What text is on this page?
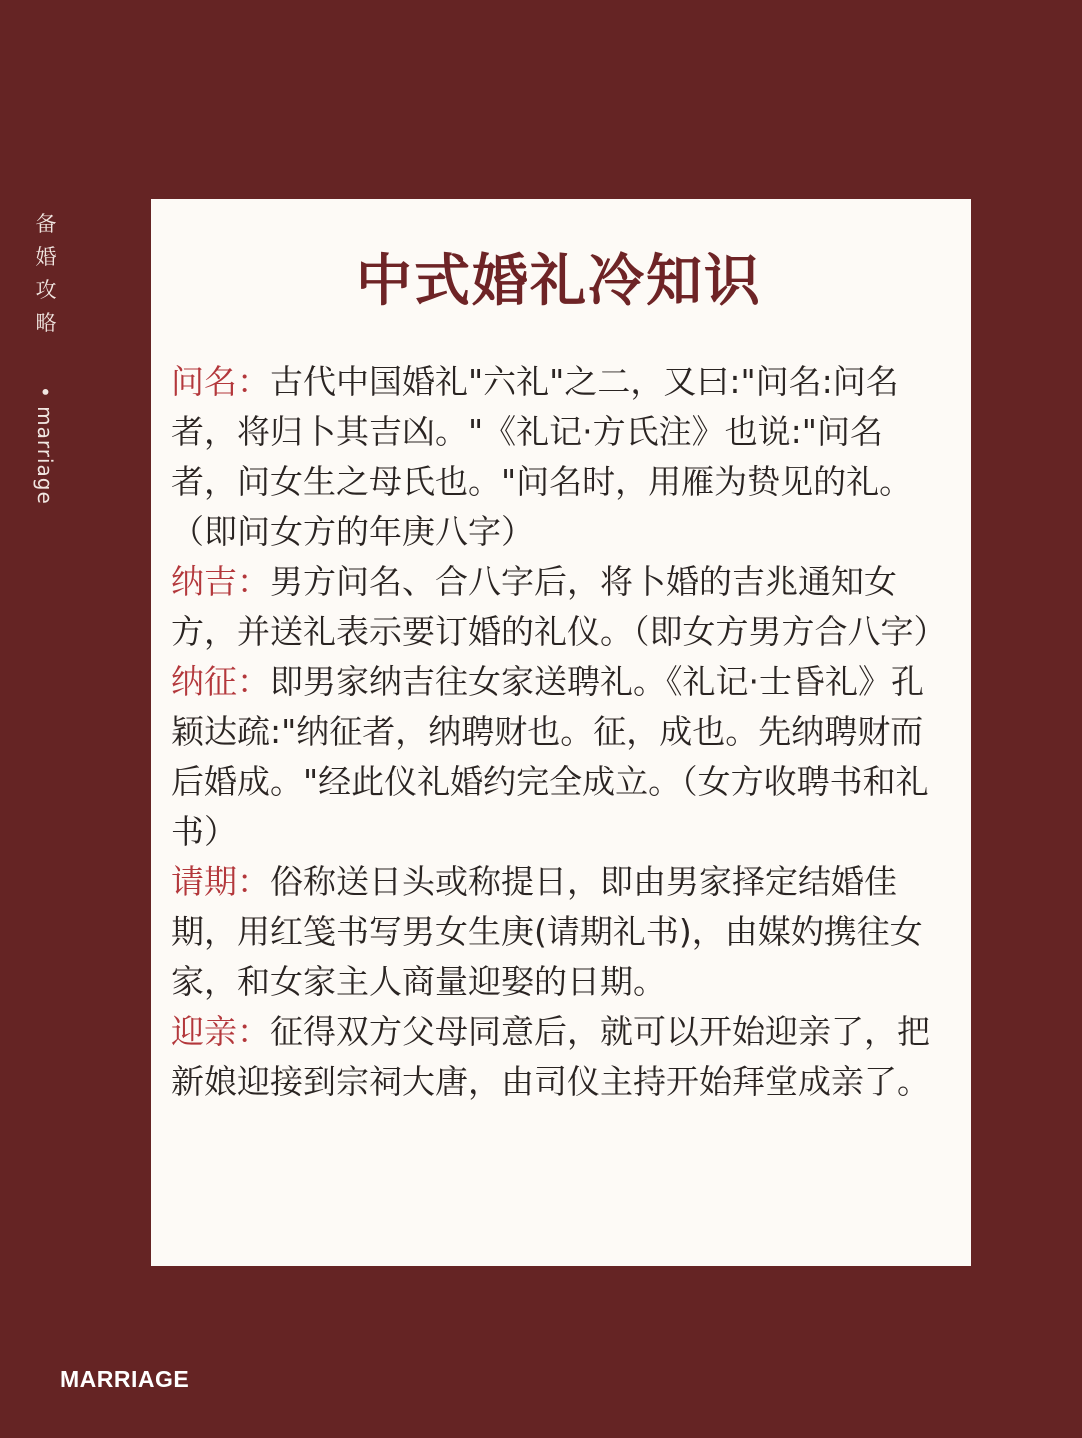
备
婚
攻
略
• marriage
中式婚礼冷知识

问名：古代中国婚礼"六礼"之二，又曰:"问名:问名者，将归卜其吉凶。"《礼记·方氏注》也说:"问名者，问女生之母氏也。"问名时，用雁为贽见的礼。（即问女方的年庚八字）

纳吉：男方问名、合八字后，将卜婚的吉兆通知女方，并送礼表示要订婚的礼仪。（即女方男方合八字）

纳征：即男家纳吉往女家送聘礼。《礼记·士昏礼》孔颖达疏:"纳征者，纳聘财也。征，成也。先纳聘财而后婚成。"经此仪礼婚约完全成立。（女方收聘书和礼书）

请期：俗称送日头或称提日，即由男家择定结婚佳期，用红笺书写男女生庚(请期礼书)，由媒妁携往女家，和女家主人商量迎娶的日期。

迎亲：征得双方父母同意后，就可以开始迎亲了，把新娘迎接到宗祠大唐，由司仪主持开始拜堂成亲了。

MARRIAGE
